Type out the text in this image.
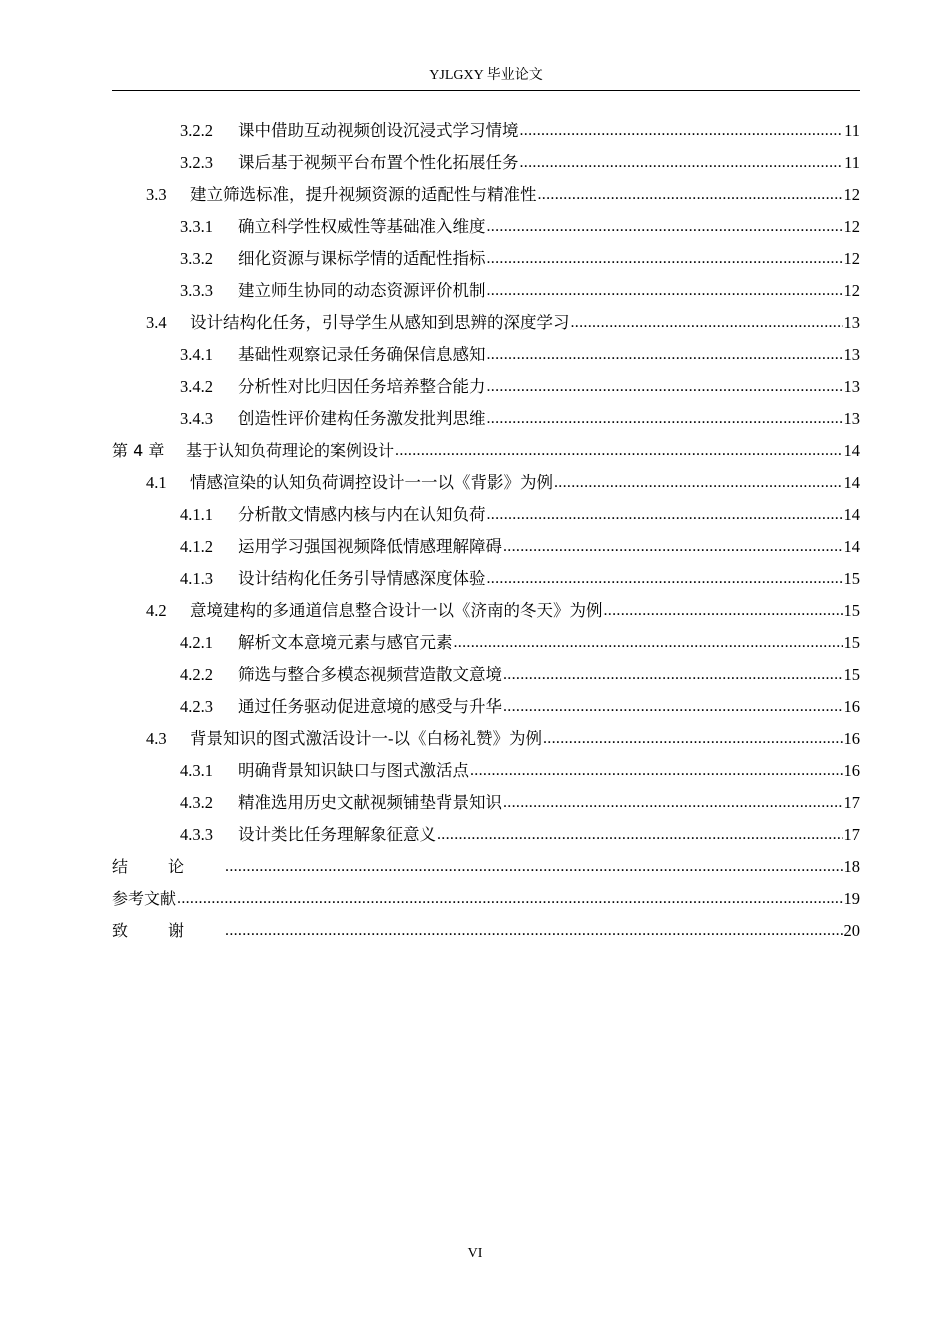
YJLGXY 毕业论文
3.2.2 课中借助互动视频创设沉浸式学习情境 .....	11
3.2.3 课后基于视频平台布置个性化拓展任务 .....	11
3.3 建立筛选标准，提升视频资源的适配性与精准性 .....	12
3.3.1 确立科学性权威性等基础准入维度 .....	12
3.3.2 细化资源与课标学情的适配性指标 .....	12
3.3.3 建立师生协同的动态资源评价机制 .....	12
3.4 设计结构化任务，引导学生从感知到思辨的深度学习 .....	13
3.4.1 基础性观察记录任务确保信息感知 .....	13
3.4.2 分析性对比归因任务培养整合能力 .....	13
3.4.3 创造性评价建构任务激发批判思维 .....	13
第 4 章 基于认知负荷理论的案例设计 .....	14
4.1 情感渲染的认知负荷调控设计一一以《背影》为例 .....	14
4.1.1 分析散文情感内核与内在认知负荷 .....	14
4.1.2 运用学习强国视频降低情感理解障碍 .....	14
4.1.3 设计结构化任务引导情感深度体验 .....	15
4.2 意境建构的多通道信息整合设计一以《济南的冬天》为例 .....	15
4.2.1 解析文本意境元素与感官元素 .....	15
4.2.2 筛选与整合多模态视频营造散文意境 .....	15
4.2.3 通过任务驱动促进意境的感受与升华 .....	16
4.3 背景知识的图式激活设计一-以《白杨礼赞》为例 .....	16
4.3.1 明确背景知识缺口与图式激活点 .....	16
4.3.2 精准选用历史文献视频铺垫背景知识 .....	17
4.3.3 设计类比任务理解象征意义 .....	17
结论 .....	18
参考文献 .....	19
致谢 .....	20
VI
